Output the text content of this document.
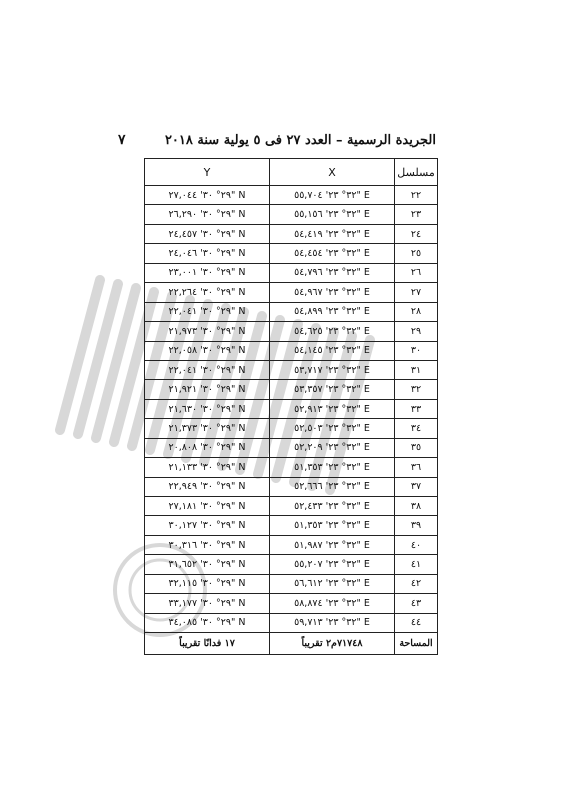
الجريدة الرسمية – العدد ٢٧ فى ٥ يولية سنة ٢٠١٨
٧
مسلسل	X	Y
٢٢	٣٢° ٢٣' ٥٥,٧٠٤" E	٢٩° ٣٠' ٢٧,٠٤٤" N
٢٣	٣٢° ٢٣' ٥٥,١٥٦" E	٢٩° ٣٠' ٢٦,٢٩٠" N
٢٤	٣٢° ٢٣' ٥٤,٤١٩" E	٢٩° ٣٠' ٢٤,٤٥٧" N
٢٥	٣٢° ٢٣' ٥٤,٤٥٤" E	٢٩° ٣٠' ٢٤,٠٤٦" N
٢٦	٣٢° ٢٣' ٥٤,٧٩٦" E	٢٩° ٣٠' ٢٣,٠٠١" N
٢٧	٣٢° ٢٣' ٥٤,٩٦٧" E	٢٩° ٣٠' ٢٢,٢٦٤" N
٢٨	٣٢° ٢٣' ٥٤,٨٩٩" E	٢٩° ٣٠' ٢٢,٠٤١" N
٢٩	٣٢° ٢٣' ٥٤,٦٢٥" E	٢٩° ٣٠' ٢١,٩٧٣" N
٣٠	٣٢° ٢٣' ٥٤,١٤٥" E	٢٩° ٣٠' ٢٢,٠٥٨" N
٣١	٣٢° ٢٣' ٥٣,٧١٧" E	٢٩° ٣٠' ٢٢,٠٤١" N
٣٢	٣٢° ٢٣' ٥٣,٣٥٧" E	٢٩° ٣٠' ٢١,٩٢١" N
٣٣	٣٢° ٢٣' ٥٢,٩١٣" E	٢٩° ٣٠' ٢١,٦٣٠" N
٣٤	٣٢° ٢٣' ٥٢,٥٠٣" E	٢٩° ٣٠' ٢١,٣٧٣" N
٣٥	٣٢° ٢٣' ٥٢,٢٠٩" E	٢٩° ٣٠' ٢٠,٨٠٨" N
٣٦	٣٢° ٢٣' ٥١,٣٥٣" E	٢٩° ٣٠' ٢١,١٣٣" N
٣٧	٣٢° ٢٣' ٥٢,٦٦٦" E	٢٩° ٣٠' ٢٢,٩٤٩" N
٣٨	٣٢° ٢٣' ٥٢,٤٣٣" E	٢٩° ٣٠' ٢٧,١٨١" N
٣٩	٣٢° ٢٣' ٥١,٣٥٣" E	٢٩° ٣٠' ٣٠,١٢٧" N
٤٠	٣٢° ٢٣' ٥١,٩٨٧" E	٢٩° ٣٠' ٣٠,٣١٦" N
٤١	٣٢° ٢٣' ٥٥,٢٠٧" E	٢٩° ٣٠' ٣١,٦٥٢" N
٤٢	٣٢° ٢٣' ٥٦,٦١٢" E	٢٩° ٣٠' ٣٢,١١٥" N
٤٣	٣٢° ٢٣' ٥٨,٨٧٤" E	٢٩° ٣٠' ٣٣,١٧٧" N
٤٤	٣٢° ٢٣' ٥٩,٧١٣" E	٢٩° ٣٠' ٣٤,٠٨٥" N
المساحة	٧١٧٤٨م٢ تقريباً	١٧ فدانًا تقريباً
